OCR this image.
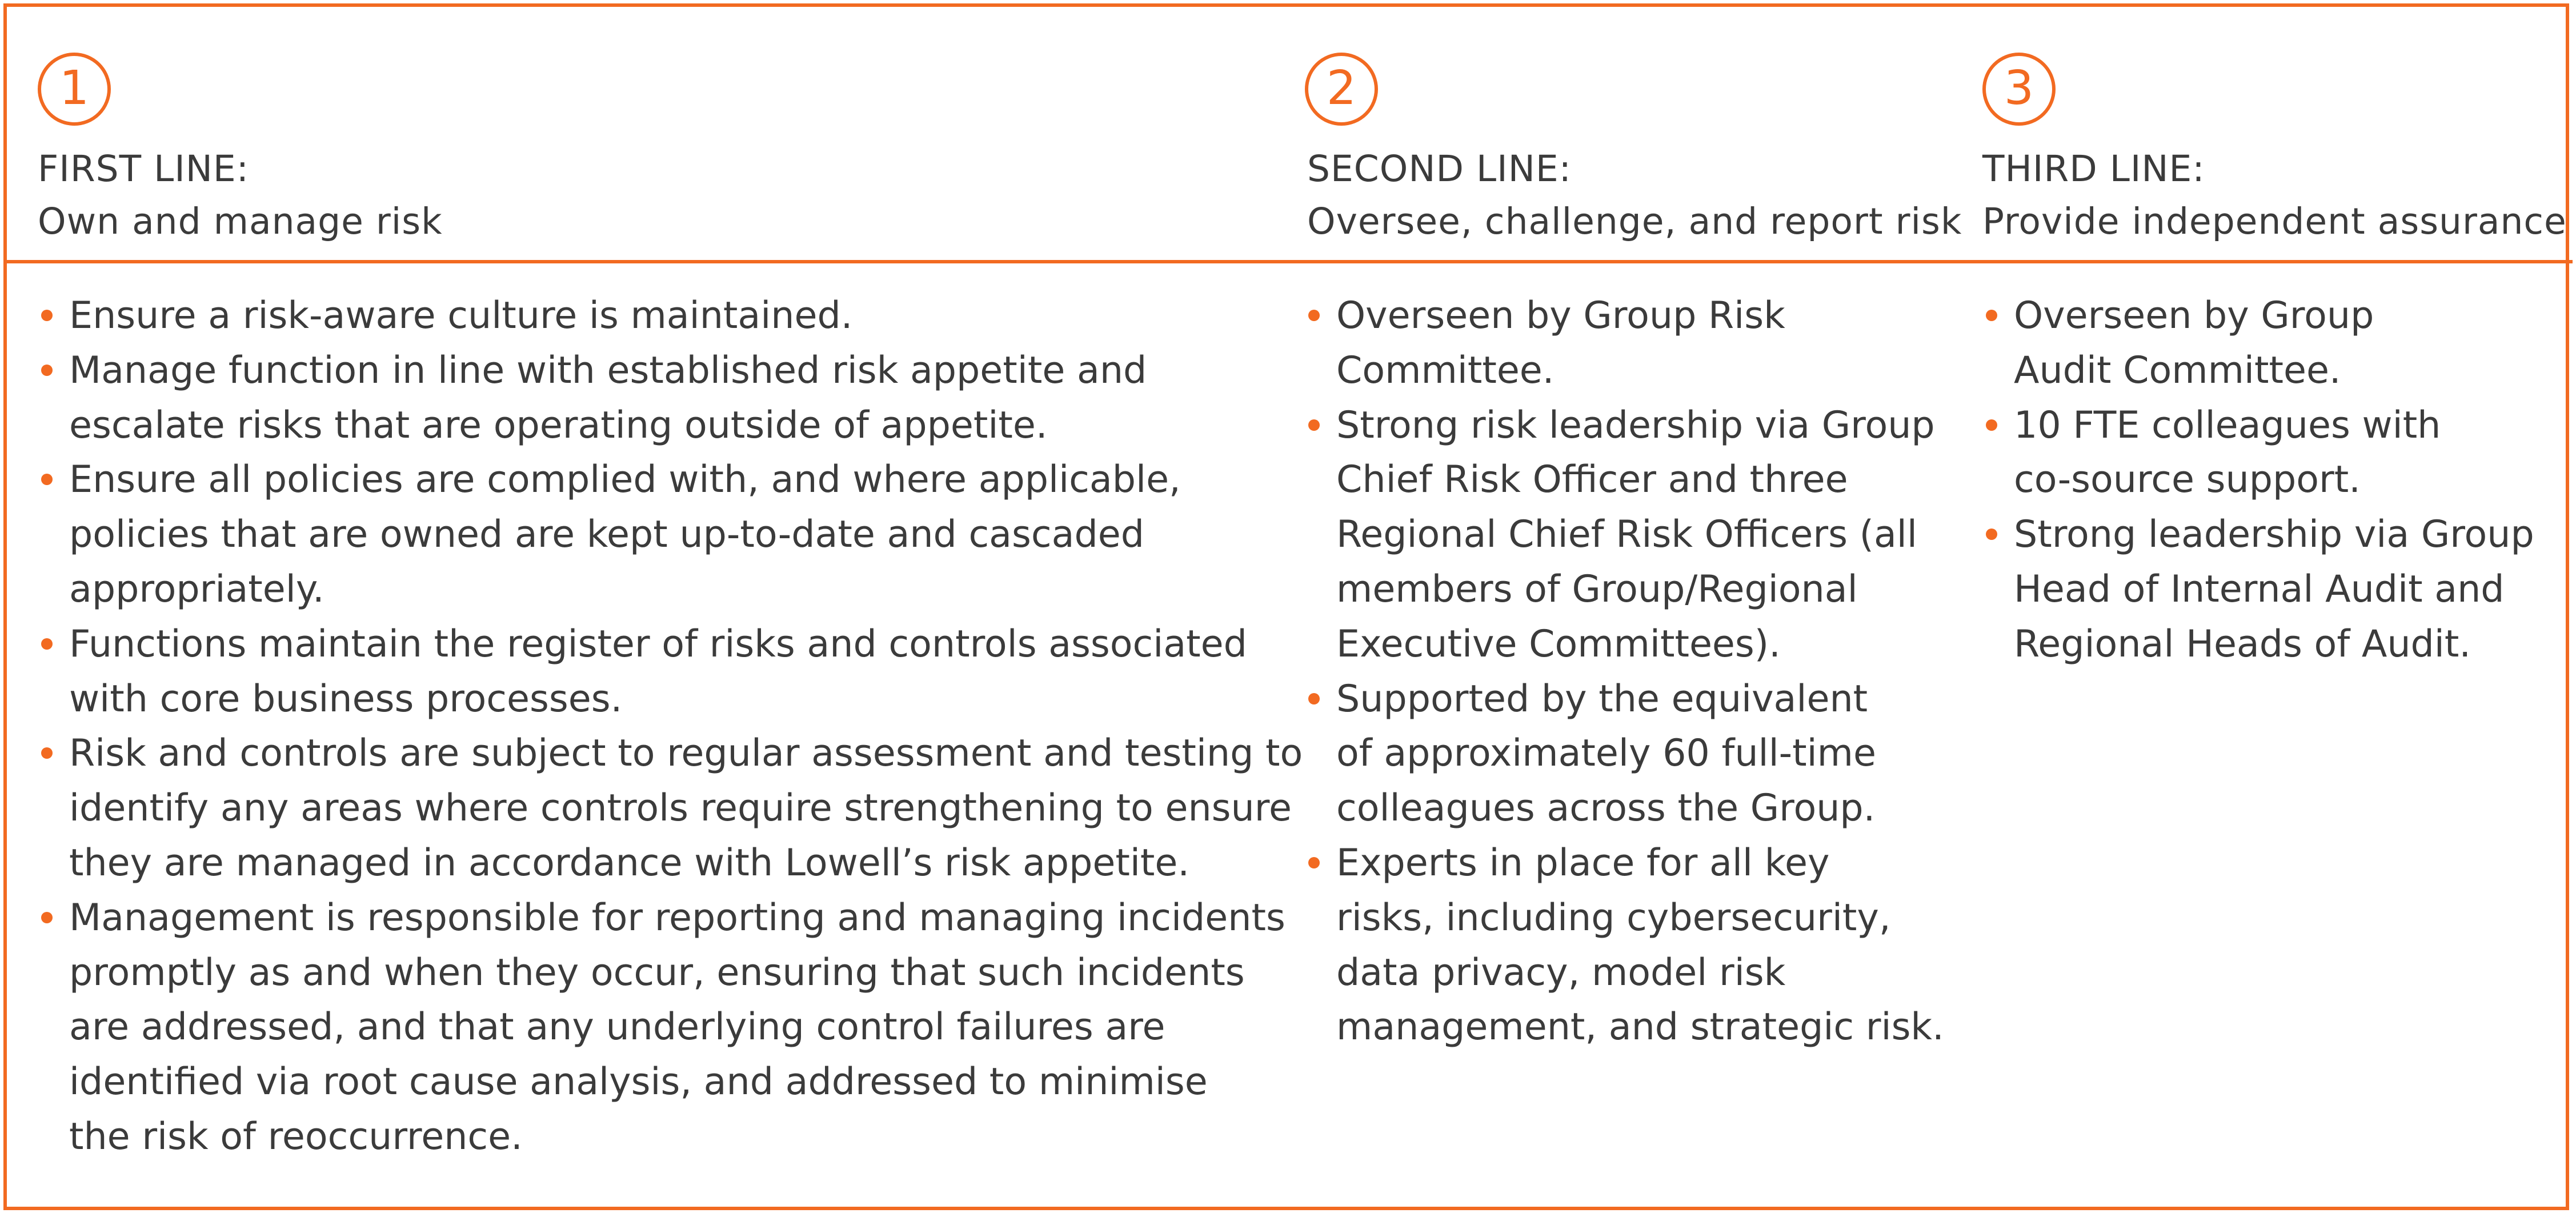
1
FIRST LINE:
Own and manage risk
Ensure a risk-aware culture is maintained.
Manage function in line with established risk appetite and
escalate risks that are operating outside of appetite.
Ensure all policies are complied with, and where applicable,
policies that are owned are kept up-to-date and cascaded
appropriately.
Functions maintain the register of risks and controls associated
with core business processes.
Risk and controls are subject to regular assessment and testing to
identify any areas where controls require strengthening to ensure
they are managed in accordance with Lowell’s risk appetite.
Management is responsible for reporting and managing incidents
promptly as and when they occur, ensuring that such incidents
are addressed, and that any underlying control failures are
identified via root cause analysis, and addressed to minimise
the risk of reoccurrence.
2
SECOND LINE:
Oversee, challenge, and report risk
Overseen by Group Risk
Committee.
Strong risk leadership via Group
Chief Risk Officer and three
Regional Chief Risk Officers (all
members of Group/Regional
Executive Committees).
Supported by the equivalent
of approximately 60 full-time
colleagues across the Group.
Experts in place for all key
risks, including cybersecurity,
data privacy, model risk
management, and strategic risk.
3
THIRD LINE:
Provide independent assurance
Overseen by Group
Audit Committee.
10 FTE colleagues with
co-source support.
Strong leadership via Group
Head of Internal Audit and
Regional Heads of Audit.
